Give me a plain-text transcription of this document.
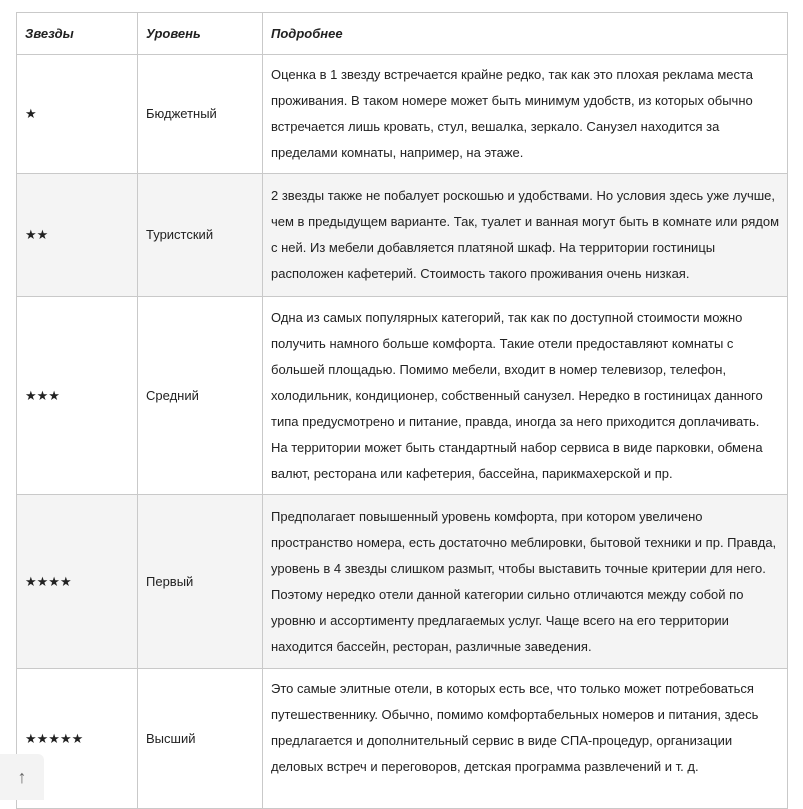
Звезды	Уровень	Подробнее
★	Бюджетный	Оценка в 1 звезду встречается крайне редко, так как это плохая реклама места проживания. В таком номере может быть минимум удобств, из которых обычно встречается лишь кровать, стул, вешалка, зеркало. Санузел находится за пределами комнаты, например, на этаже.
★★	Туристский	2 звезды также не побалует роскошью и удобствами. Но условия здесь уже лучше, чем в предыдущем варианте. Так, туалет и ванная могут быть в комнате или рядом с ней. Из мебели добавляется платяной шкаф. На территории гостиницы расположен кафетерий. Стоимость такого проживания очень низкая.
★★★	Средний	Одна из самых популярных категорий, так как по доступной стоимости можно получить намного больше комфорта. Такие отели предоставляют комнаты с большей площадью. Помимо мебели, входит в номер телевизор, телефон, холодильник, кондиционер, собственный санузел. Нередко в гостиницах данного типа предусмотрено и питание, правда, иногда за него приходится доплачивать. На территории может быть стандартный набор сервиса в виде парковки, обмена валют, ресторана или кафетерия, бассейна, парикмахерской и пр.
★★★★	Первый	Предполагает повышенный уровень комфорта, при котором увеличено пространство номера, есть достаточно меблировки, бытовой техники и пр. Правда, уровень в 4 звезды слишком размыт, чтобы выставить точные критерии для него. Поэтому нередко отели данной категории сильно отличаются между собой по уровню и ассортименту предлагаемых услуг. Чаще всего на его территории находится бассейн, ресторан, различные заведения.
★★★★★	Высший	Это самые элитные отели, в которых есть все, что только может потребоваться путешественнику. Обычно, помимо комфортабельных номеров и питания, здесь предлагается и дополнительный сервис в виде СПА-процедур, организации деловых встреч и переговоров, детская программа развлечений и т. д.
↑
